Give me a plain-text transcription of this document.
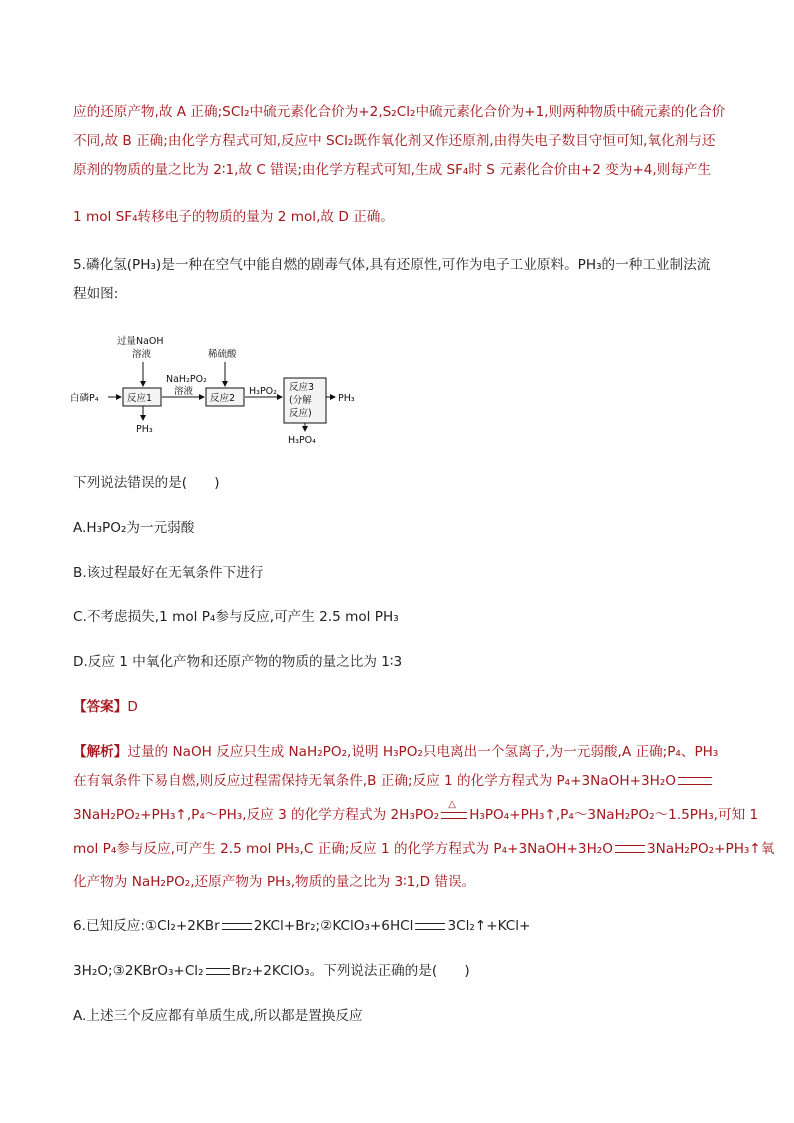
应的还原产物,故 A 正确;SCl₂中硫元素化合价为+2,S₂Cl₂中硫元素化合价为+1,则两种物质中硫元素的化合价
不同,故 B 正确;由化学方程式可知,反应中 SCl₂既作氧化剂又作还原剂,由得失电子数目守恒可知,氧化剂与还
原剂的物质的量之比为 2∶1,故 C 错误;由化学方程式可知,生成 SF₄时 S 元素化合价由+2 变为+4,则每产生
1 mol SF₄转移电子的物质的量为 2 mol,故 D 正确。
5.磷化氢(PH₃)是一种在空气中能自燃的剧毒气体,具有还原性,可作为电子工业原料。PH₃的一种工业制法流
程如图:
白磷P₄
过量NaOH
溶液
反应1
PH₃
NaH₂PO₂
溶液
稀硫酸
反应2
H₃PO₂ 反应3
(分解
反应)
PH₃
H₃PO₄
下列说法错误的是(　　)
A.H₃PO₂为一元弱酸
B.该过程最好在无氧条件下进行
C.不考虑损失,1 mol P₄参与反应,可产生 2.5 mol PH₃
D.反应 1 中氧化产物和还原产物的物质的量之比为 1∶3
【答案】D
【解析】过量的 NaOH 反应只生成 NaH₂PO₂,说明 H₃PO₂只电离出一个氢离子,为一元弱酸,A 正确;P₄、PH₃
在有氧条件下易自燃,则反应过程需保持无氧条件,B 正确;反应 1 的化学方程式为 P₄+3NaOH+3H₂O
3NaH₂PO₂+PH₃↑,P₄～PH₃,反应 3 的化学方程式为 2H₃PO₂
△
H₃PO₄+PH₃↑,P₄～3NaH₂PO₂～1.5PH₃,可知 1
mol P₄参与反应,可产生 2.5 mol PH₃,C 正确;反应 1 的化学方程式为 P₄+3NaOH+3H₂O	3NaH₂PO₂+PH₃↑氧
化产物为 NaH₂PO₂,还原产物为 PH₃,物质的量之比为 3∶1,D 错误。
6.已知反应:①Cl₂+2KBr	2KCl+Br₂;②KClO₃+6HCl	3Cl₂↑+KCl+
3H₂O;③2KBrO₃+Cl₂ Br₂+2KClO₃。下列说法正确的是(　　)
A.上述三个反应都有单质生成,所以都是置换反应
